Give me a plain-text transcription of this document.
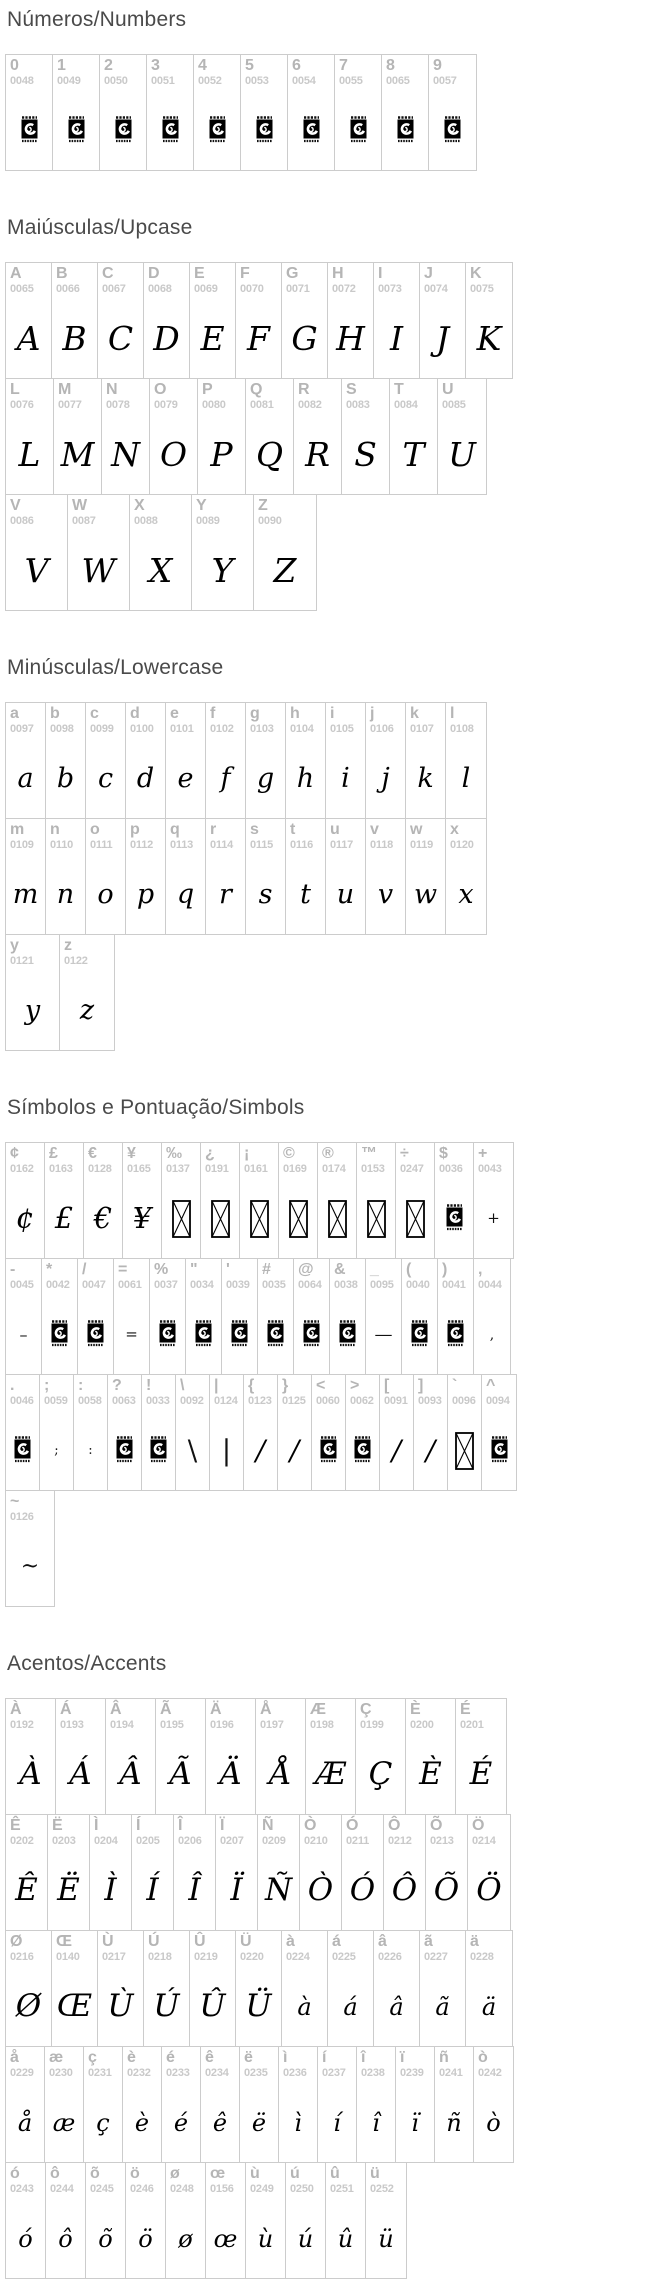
Números/Numbers
0
0048
1
0049
2
0050
3
0051
4
0052
5
0053
6
0054
7
0055
8
0065
9
0057
Maiúsculas/Upcase
A
0065
A
B
0066
B
C
0067
C
D
0068
D
E
0069
E
F
0070
F
G
0071
G
H
0072
H
I
0073
I
J
0074
J
K
0075
K
L
0076
L
M
0077
M
N
0078
N
O
0079
O
P
0080
P
Q
0081
Q
R
0082
R
S
0083
S
T
0084
T
U
0085
U
V
0086
V
W
0087
W
X
0088
X
Y
0089
Y
Z
0090
Z
Minúsculas/Lowercase
a
0097
a
b
0098
b
c
0099
c
d
0100
d
e
0101
e
f
0102
f
g
0103
g
h
0104
h
i
0105
i
j
0106
j
k
0107
k
l
0108
l
m
0109
m
n
0110
n
o
0111
o
p
0112
p
q
0113
q
r
0114
r
s
0115
s
t
0116
t
u
0117
u
v
0118
v
w
0119
w
x
0120
x
y
0121
y
z
0122
z
Símbolos e Pontuação/Simbols
¢
0162
¢
£
0163
£
€
0128
€
¥
0165
¥
‰
0137
¿
0191
¡
0161
©
0169
®
0174
™
0153
÷
0247
$
0036
+
0043
+
-
0045
–
*
0042
/
0047
=
0061
=
%
0037
"
0034
'
0039
#
0035
@
0064
&
0038
_
0095
—
(
0040
)
0041
,
0044
,
.
0046
;
0059
;
:
0058
:
?
0063
!
0033
\
0092
\
|
0124
|
{
0123
/
}
0125
/
<
0060
>
0062
[
0091
/
]
0093
/
`
0096
^
0094
~
0126
~
Acentos/Accents
À
0192
À
Á
0193
Á
Â
0194
Â
Ã
0195
Ã
Ä
0196
Ä
Å
0197
Å
Æ
0198
Æ
Ç
0199
Ç
È
0200
È
É
0201
É
Ê
0202
Ê
Ë
0203
Ë
Ì
0204
Ì
Í
0205
Í
Î
0206
Î
Ï
0207
Ï
Ñ
0209
Ñ
Ò
0210
Ò
Ó
0211
Ó
Ô
0212
Ô
Õ
0213
Õ
Ö
0214
Ö
Ø
0216
Ø
Œ
0140
Œ
Ù
0217
Ù
Ú
0218
Ú
Û
0219
Û
Ü
0220
Ü
à
0224
à
á
0225
á
â
0226
â
ã
0227
ã
ä
0228
ä
å
0229
å
æ
0230
æ
ç
0231
ç
è
0232
è
é
0233
é
ê
0234
ê
ë
0235
ë
ì
0236
ì
í
0237
í
î
0238
î
ï
0239
ï
ñ
0241
ñ
ò
0242
ò
ó
0243
ó
ô
0244
ô
õ
0245
õ
ö
0246
ö
ø
0248
ø
œ
0156
œ
ù
0249
ù
ú
0250
ú
û
0251
û
ü
0252
ü
